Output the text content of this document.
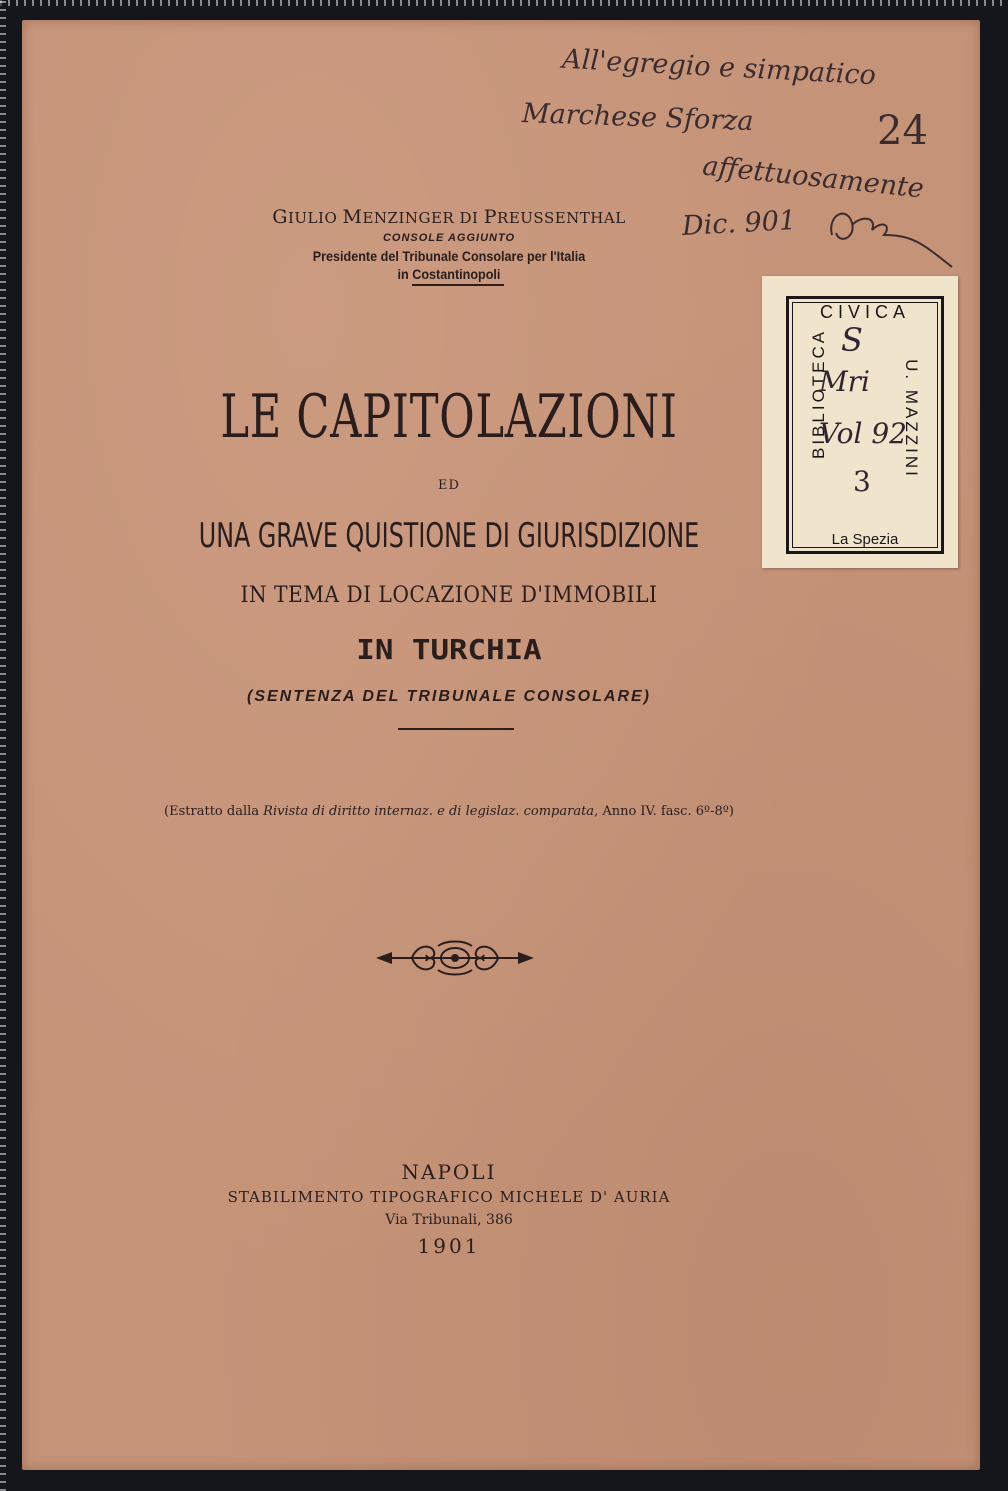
All'egregio e simpatico
Marchese Sforza	24
affettuosamente
Dic. 901
GIULIO MENZINGER DI PREUSSENTHAL
CONSOLE AGGIUNTO
Presidente del Tribunale Consolare per l'Italia
in Costantinopoli
LE CAPITOLAZIONI
ED
UNA GRAVE QUISTIONE DI GIURISDIZIONE
IN TEMA DI LOCAZIONE D'IMMOBILI
IN TURCHIA
(SENTENZA DEL TRIBUNALE CONSOLARE)
(Estratto dalla Rivista di diritto internaz. e di legislaz. comparata, Anno IV. fasc. 6º-8º)
NAPOLI
STABILIMENTO TIPOGRAFICO MICHELE D' AURIA
Via Tribunali, 386
1901
CIVICA
BIBLIOTECA	U. MAZZINI
La Spezia
S
Mri
Vol 92
3
